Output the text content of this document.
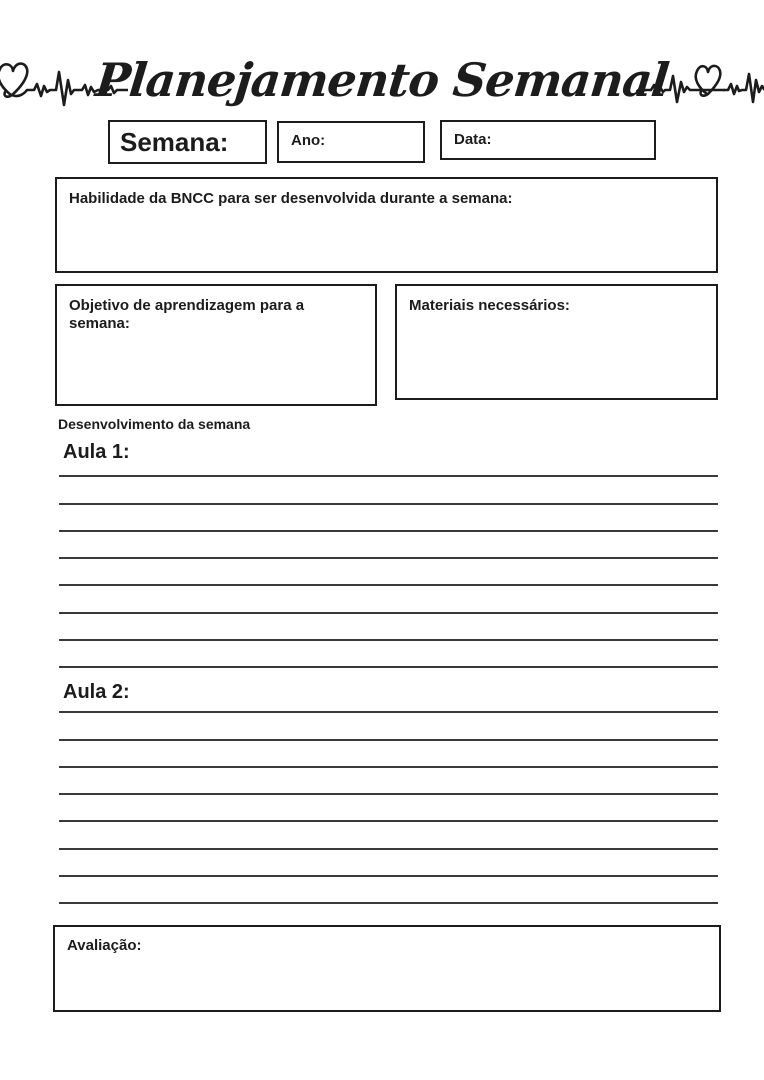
Planejamento Semanal
Semana:	Ano:	Data:
Habilidade da BNCC para ser desenvolvida durante a semana:
Objetivo de aprendizagem para a semana:
Materiais necessários:
Desenvolvimento da semana
Aula 1:
Aula 2:
Avaliação:
